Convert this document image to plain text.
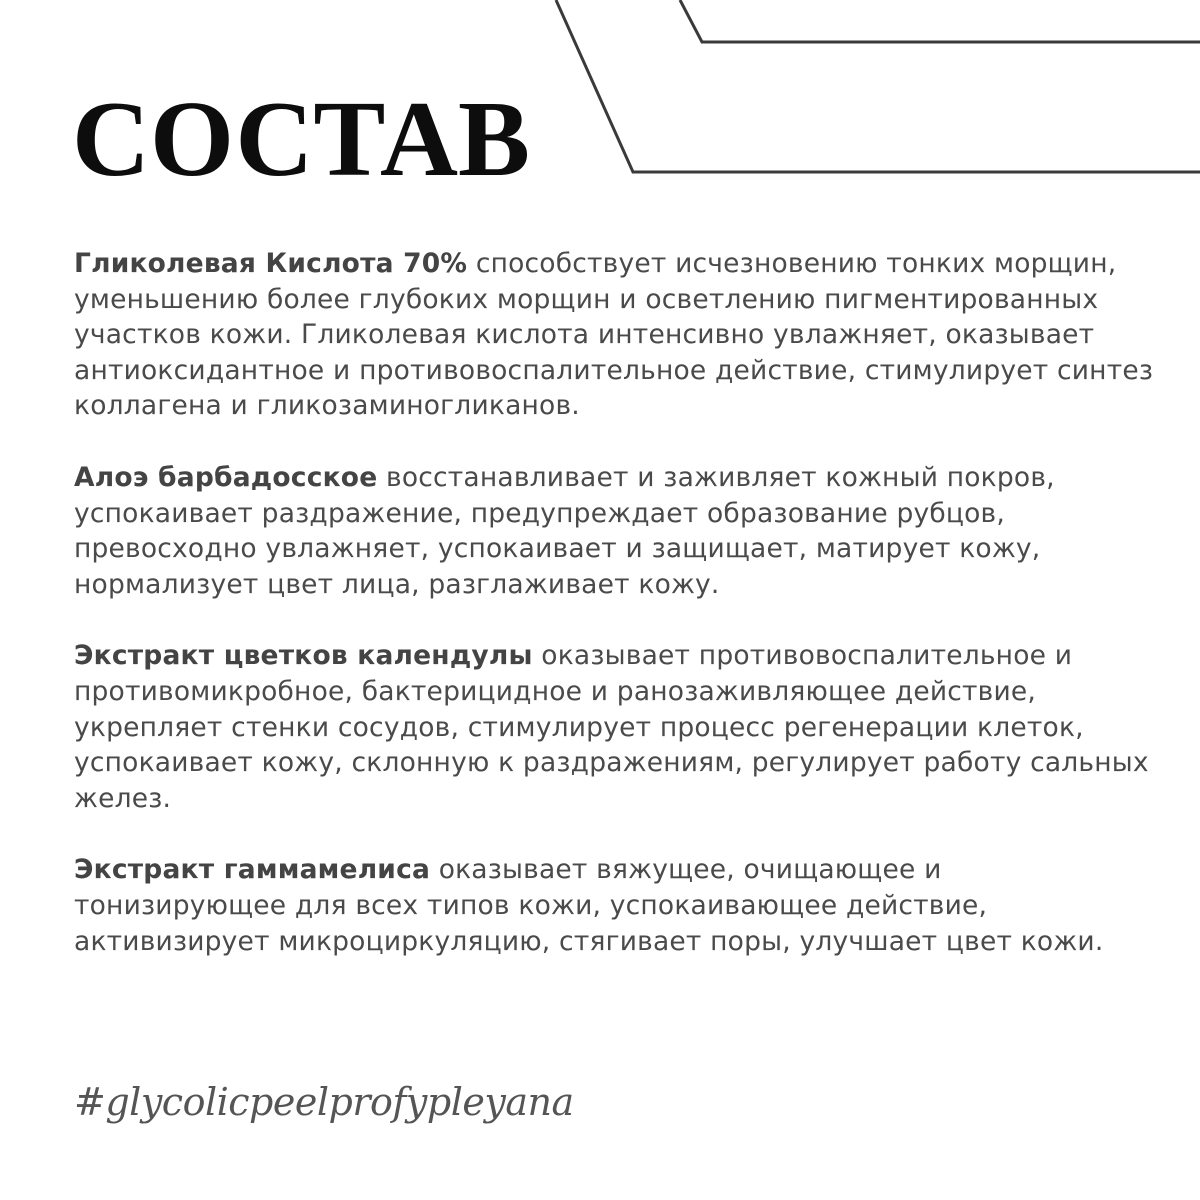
СОСТАВ

Гликолевая Кислота 70% способствует исчезновению тонких морщин, уменьшению более глубоких морщин и осветлению пигментированных участков кожи. Гликолевая кислота интенсивно увлажняет, оказывает антиоксидантное и противовоспалительное действие, стимулирует синтез коллагена и гликозаминогликанов.

Алоэ барбадосское восстанавливает и заживляет кожный покров, успокаивает раздражение, предупреждает образование рубцов, превосходно увлажняет, успокаивает и защищает, матирует кожу, нормализует цвет лица, разглаживает кожу.

Экстракт цветков календулы оказывает противовоспалительное и противомикробное, бактерицидное и ранозаживляющее действие, укрепляет стенки сосудов, стимулирует процесс регенерации клеток, успокаивает кожу, склонную к раздражениям, регулирует работу сальных желез.

Экстракт гаммамелиса оказывает вяжущее, очищающее и тонизирующее для всех типов кожи, успокаивающее действие, активизирует микроциркуляцию, стягивает поры, улучшает цвет кожи.

#glycolicpeelprofypleyana
